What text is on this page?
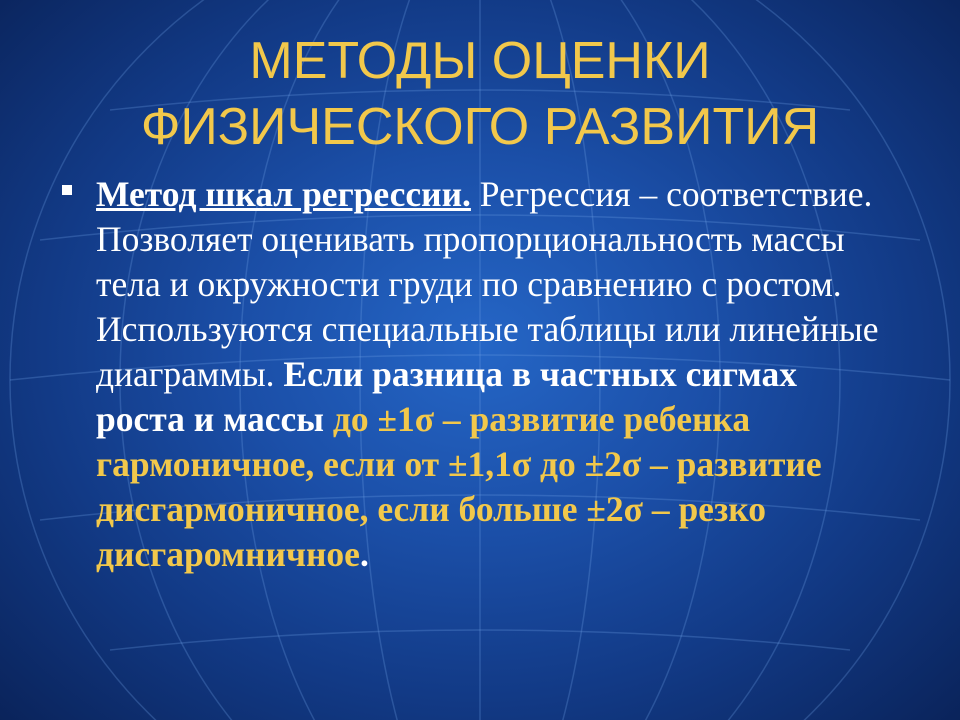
МЕТОДЫ ОЦЕНКИ
ФИЗИЧЕСКОГО РАЗВИТИЯ
Метод шкал регрессии. Регрессия – соответствие. Позволяет оценивать пропорциональность массы тела и окружности груди по сравнению с ростом. Используются специальные таблицы или линейные диаграммы. Если разница в частных сигмах роста и массы до ±1σ – развитие ребенка гармоничное, если от ±1,1σ до ±2σ – развитие дисгармоничное, если больше ±2σ – резко дисгаромничное.
